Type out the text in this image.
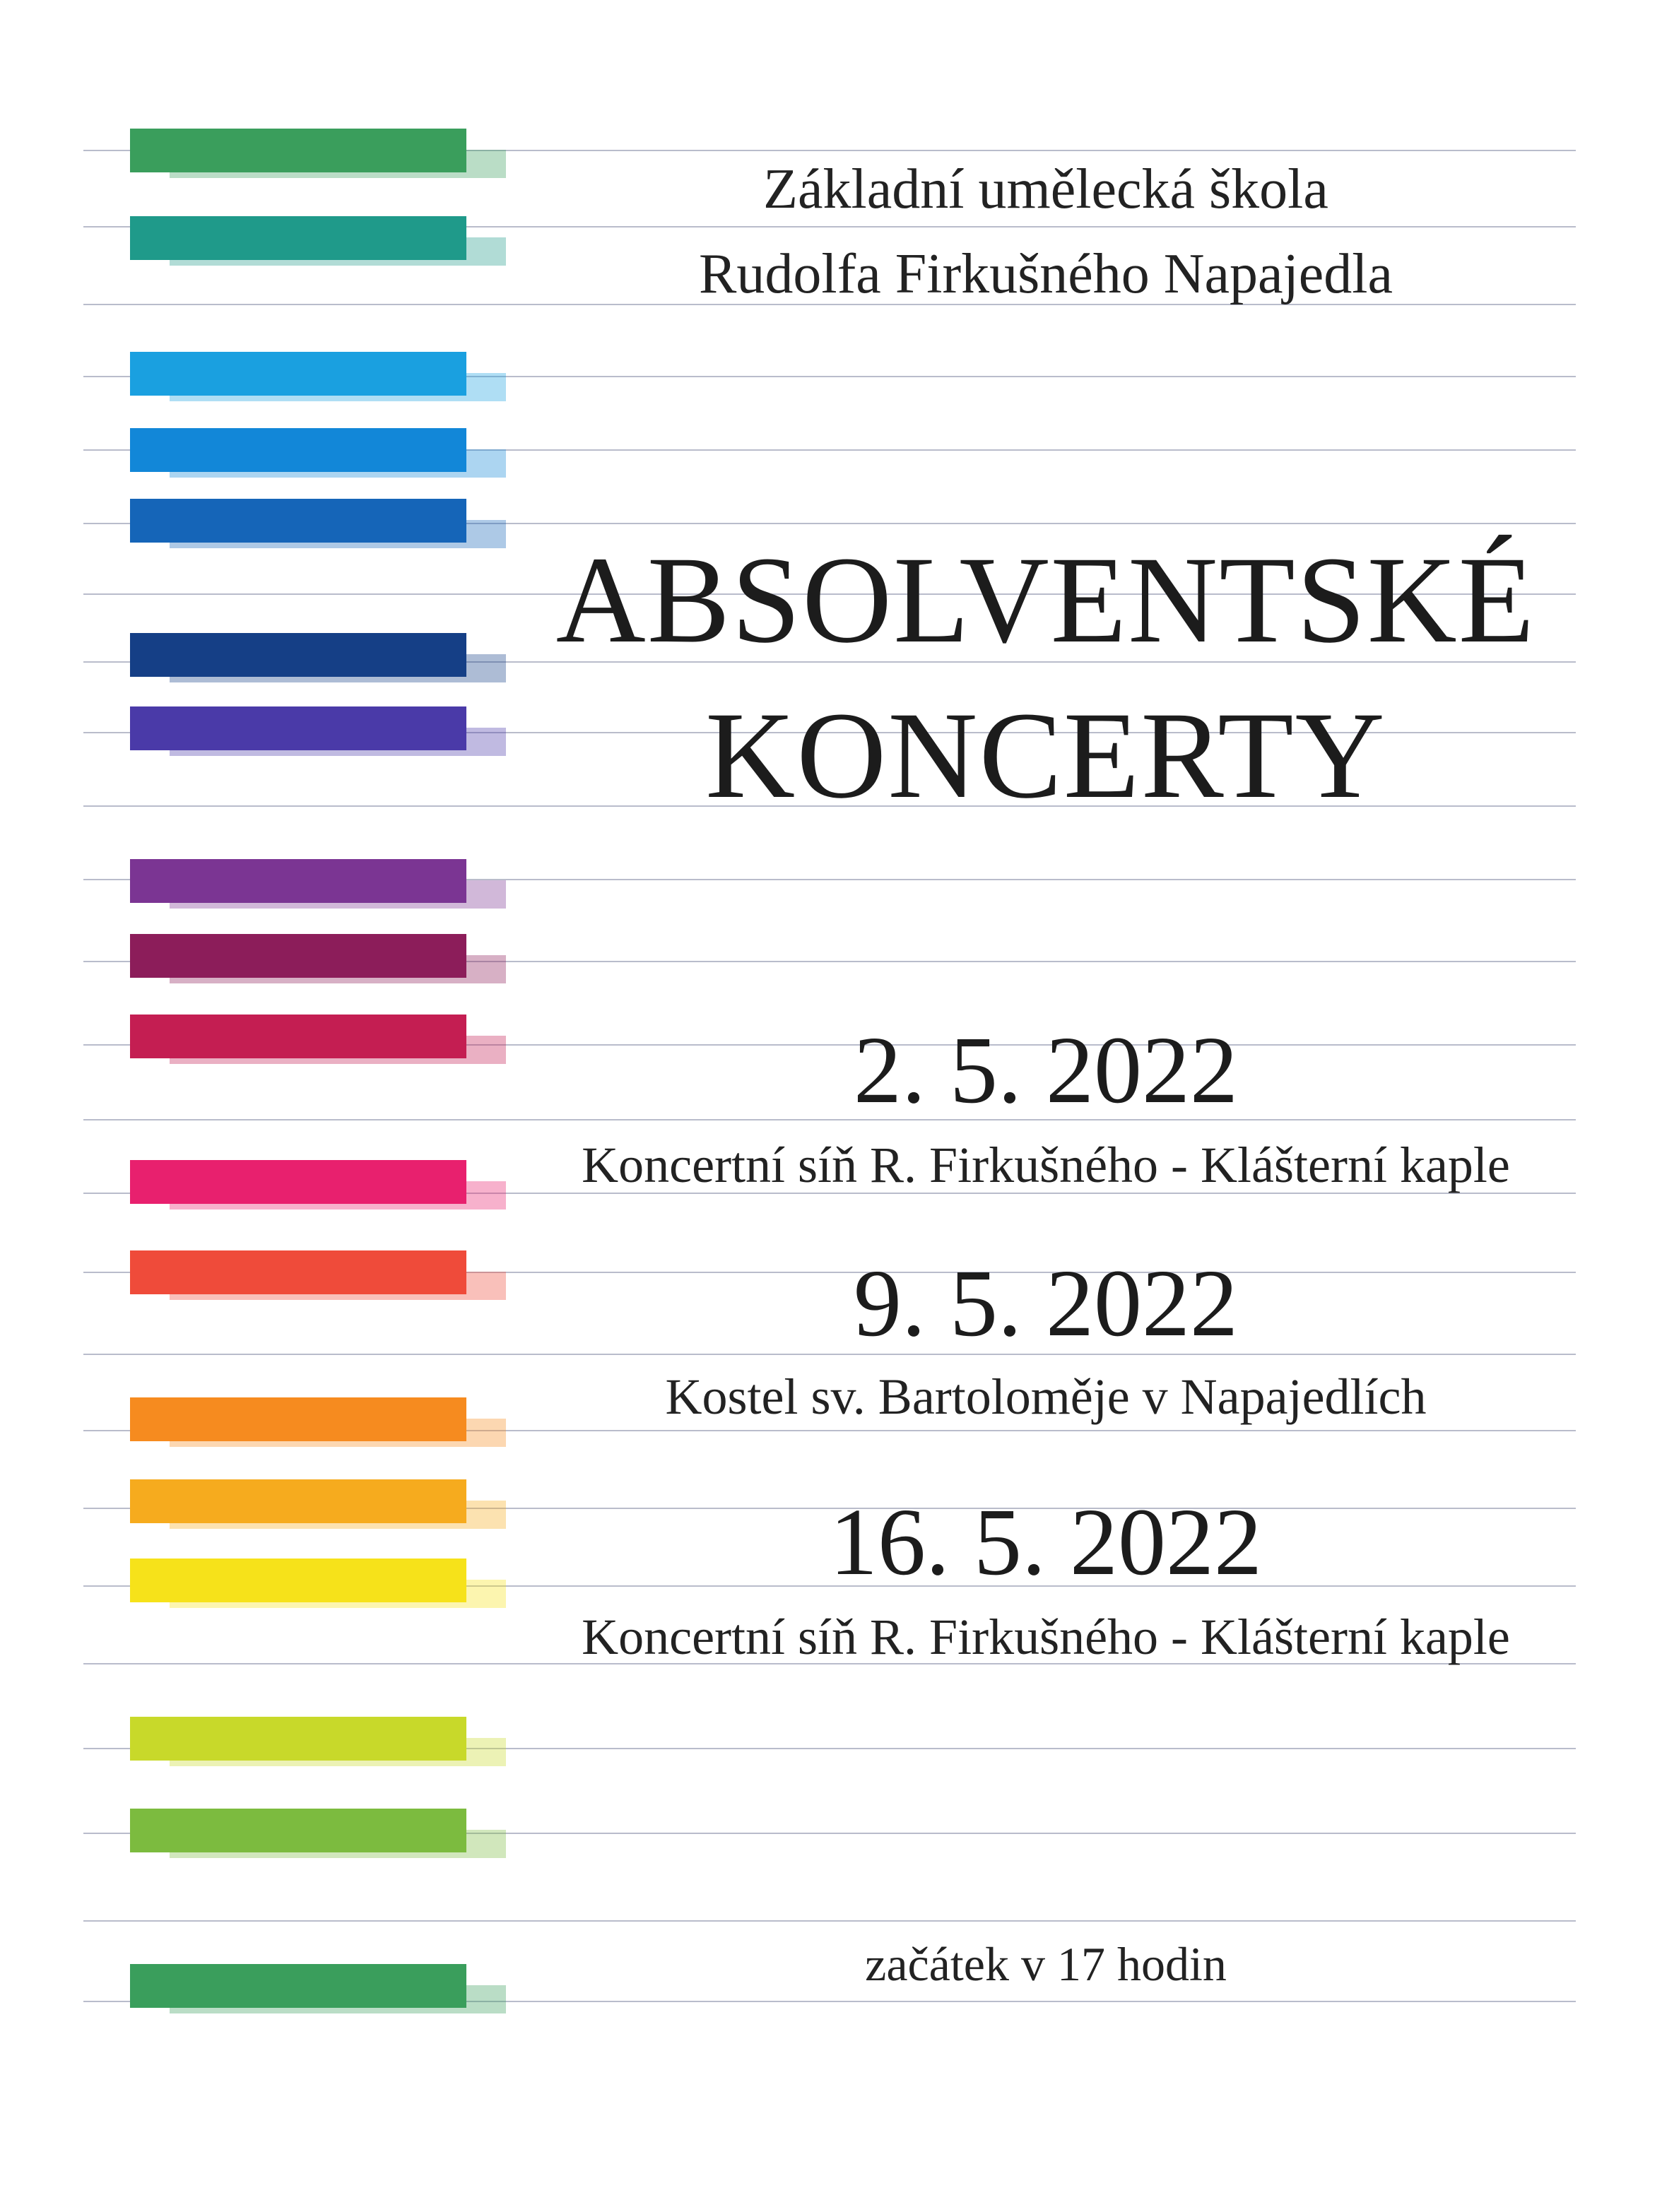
Základní umělecká škola
Rudolfa Firkušného Napajedla
ABSOLVENTSKÉ
KONCERTY
2. 5. 2022
Koncertní síň R. Firkušného - Klášterní kaple
9. 5. 2022
Kostel sv. Bartoloměje v Napajedlích
16. 5. 2022
Koncertní síň R. Firkušného - Klášterní kaple
začátek v 17 hodin
